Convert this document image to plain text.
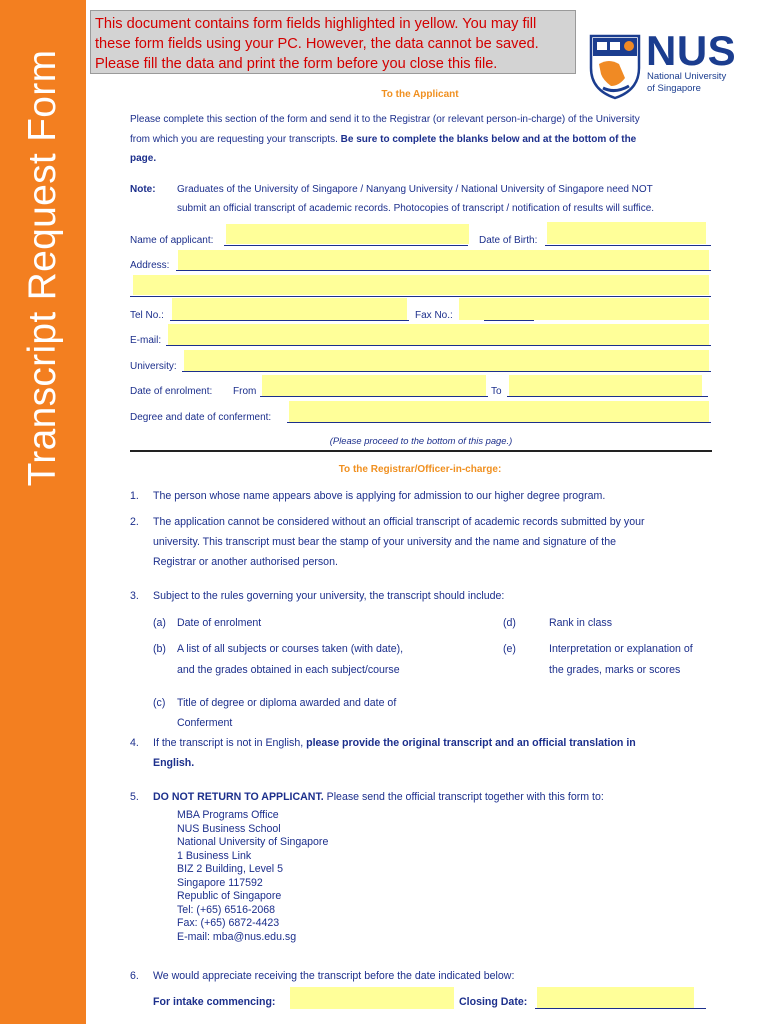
Transcript Request Form
This document contains form fields highlighted in yellow. You may fill these form fields using your PC. However, the data cannot be saved. Please fill the data and print the form before you close this file.	NUS
National University
of Singapore
To the Applicant
Please complete this section of the form and send it to the Registrar (or relevant person-in-charge) of the University
from which you are requesting your transcripts. Be sure to complete the blanks below and at the bottom of the
page.
Note: Graduates of the University of Singapore / Nanyang University / National University of Singapore need NOT
submit an official transcript of academic records. Photocopies of transcript / notification of results will suffice.
Name of applicant:	Date of Birth:
Address:
Tel No.:	Fax No.:
E-mail:
University:
Date of enrolment: From	To
Degree and date of conferment:
(Please proceed to the bottom of this page.)
To the Registrar/Officer-in-charge:
1. The person whose name appears above is applying for admission to our higher degree program.
2. The application cannot be considered without an official transcript of academic records submitted by your
university. This transcript must bear the stamp of your university and the name and signature of the
Registrar or another authorised person.
3. Subject to the rules governing your university, the transcript should include:
(a) Date of enrolment	(d)	Rank in class
(b) A list of all subjects or courses taken (with date),
and the grades obtained in each subject/course
(e)	Interpretation or explanation of
the grades, marks or scores
(c) Title of degree or diploma awarded and date of
Conferment
4. If the transcript is not in English, please provide the original transcript and an official translation in
English.
5. DO NOT RETURN TO APPLICANT. Please send the official transcript together with this form to:
MBA Programs Office
NUS Business School
National University of Singapore
1 Business Link
BIZ 2 Building, Level 5
Singapore 117592
Republic of Singapore
Tel: (+65) 6516-2068
Fax: (+65) 6872-4423
E-mail: mba@nus.edu.sg
6. We would appreciate receiving the transcript before the date indicated below:
For intake commencing:	Closing Date:
